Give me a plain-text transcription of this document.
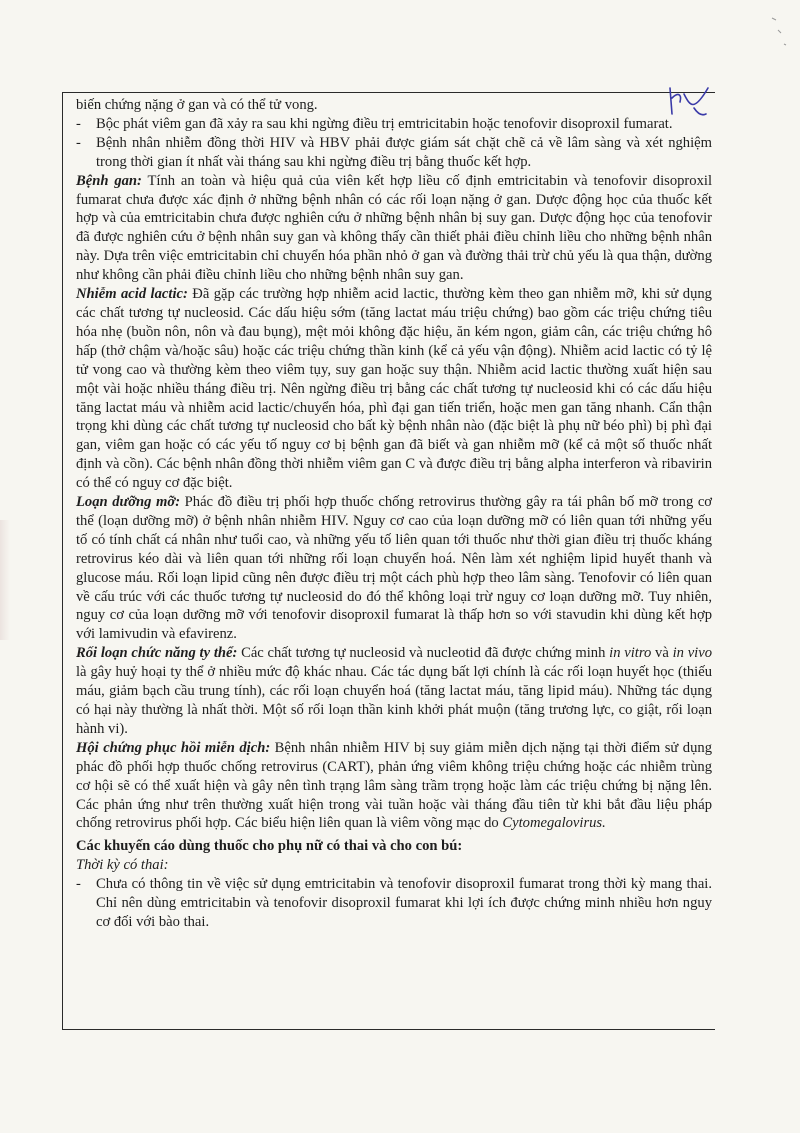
biến chứng nặng ở gan và có thể tử vong.

-	Bộc phát viêm gan đã xảy ra sau khi ngừng điều trị emtricitabin hoặc tenofovir disoproxil fumarat.
-	Bệnh nhân nhiễm đồng thời HIV và HBV phải được giám sát chặt chẽ cả về lâm sàng và xét nghiệm trong thời gian ít nhất vài tháng sau khi ngừng điều trị bằng thuốc kết hợp.

Bệnh gan: Tính an toàn và hiệu quả của viên kết hợp liều cố định emtricitabin và tenofovir disoproxil fumarat chưa được xác định ở những bệnh nhân có các rối loạn nặng ở gan. Dược động học của thuốc kết hợp và của emtricitabin chưa được nghiên cứu ở những bệnh nhân bị suy gan. Dược động học của tenofovir đã được nghiên cứu ở bệnh nhân suy gan và không thấy cần thiết phải điều chỉnh liều cho những bệnh nhân này. Dựa trên việc emtricitabin chỉ chuyển hóa phần nhỏ ở gan và đường thải trừ chủ yếu là qua thận, dường như không cần phải điều chỉnh liều cho những bệnh nhân suy gan.

Nhiễm acid lactic: Đã gặp các trường hợp nhiễm acid lactic, thường kèm theo gan nhiễm mỡ, khi sử dụng các chất tương tự nucleosid. Các dấu hiệu sớm (tăng lactat máu triệu chứng) bao gồm các triệu chứng tiêu hóa nhẹ (buồn nôn, nôn và đau bụng), mệt mỏi không đặc hiệu, ăn kém ngon, giảm cân, các triệu chứng hô hấp (thở chậm và/hoặc sâu) hoặc các triệu chứng thần kinh (kể cả yếu vận động). Nhiễm acid lactic có tỷ lệ tử vong cao và thường kèm theo viêm tụy, suy gan hoặc suy thận. Nhiễm acid lactic thường xuất hiện sau một vài hoặc nhiều tháng điều trị. Nên ngừng điều trị bằng các chất tương tự nucleosid khi có các dấu hiệu tăng lactat máu và nhiễm acid lactic/chuyển hóa, phì đại gan tiến triển, hoặc men gan tăng nhanh. Cẩn thận trọng khi dùng các chất tương tự nucleosid cho bất kỳ bệnh nhân nào (đặc biệt là phụ nữ béo phì) bị phì đại gan, viêm gan hoặc có các yếu tố nguy cơ bị bệnh gan đã biết và gan nhiễm mỡ (kể cả một số thuốc nhất định và cồn). Các bệnh nhân đồng thời nhiễm viêm gan C và được điều trị bằng alpha interferon và ribavirin có thể có nguy cơ đặc biệt.

Loạn dưỡng mỡ: Phác đồ điều trị phối hợp thuốc chống retrovirus thường gây ra tái phân bố mỡ trong cơ thể (loạn dưỡng mỡ) ở bệnh nhân nhiễm HIV. Nguy cơ cao của loạn dưỡng mỡ có liên quan tới những yếu tố có tính chất cá nhân như tuổi cao, và những yếu tố liên quan tới thuốc như thời gian điều trị thuốc kháng retrovirus kéo dài và liên quan tới những rối loạn chuyển hoá. Nên làm xét nghiệm lipid huyết thanh và glucose máu. Rối loạn lipid cũng nên được điều trị một cách phù hợp theo lâm sàng. Tenofovir có liên quan về cấu trúc với các thuốc tương tự nucleosid do đó thể không loại trừ nguy cơ loạn dưỡng mỡ. Tuy nhiên, nguy cơ của loạn dưỡng mỡ với tenofovir disoproxil fumarat là thấp hơn so với stavudin khi dùng kết hợp với lamivudin và efavirenz.

Rối loạn chức năng ty thể: Các chất tương tự nucleosid và nucleotid đã được chứng minh in vitro và in vivo là gây huỷ hoại ty thể ở nhiều mức độ khác nhau. Các tác dụng bất lợi chính là các rối loạn huyết học (thiếu máu, giảm bạch cầu trung tính), các rối loạn chuyển hoá (tăng lactat máu, tăng lipid máu). Những tác dụng có hại này thường là nhất thời. Một số rối loạn thần kinh khởi phát muộn (tăng trương lực, co giật, rối loạn hành vi).

Hội chứng phục hồi miễn dịch: Bệnh nhân nhiễm HIV bị suy giảm miễn dịch nặng tại thời điểm sử dụng phác đồ phối hợp thuốc chống retrovirus (CART), phản ứng viêm không triệu chứng hoặc các nhiễm trùng cơ hội sẽ có thể xuất hiện và gây nên tình trạng lâm sàng trầm trọng hoặc làm các triệu chứng bị nặng lên. Các phản ứng như trên thường xuất hiện trong vài tuần hoặc vài tháng đầu tiên từ khi bắt đầu liệu pháp chống retrovirus phối hợp. Các biểu hiện liên quan là viêm võng mạc do Cytomegalovirus.

Các khuyến cáo dùng thuốc cho phụ nữ có thai và cho con bú:

Thời kỳ có thai:

-	Chưa có thông tin về việc sử dụng emtricitabin và tenofovir disoproxil fumarat trong thời kỳ mang thai. Chỉ nên dùng emtricitabin và tenofovir disoproxil fumarat khi lợi ích được chứng minh nhiều hơn nguy cơ đối với bào thai.
